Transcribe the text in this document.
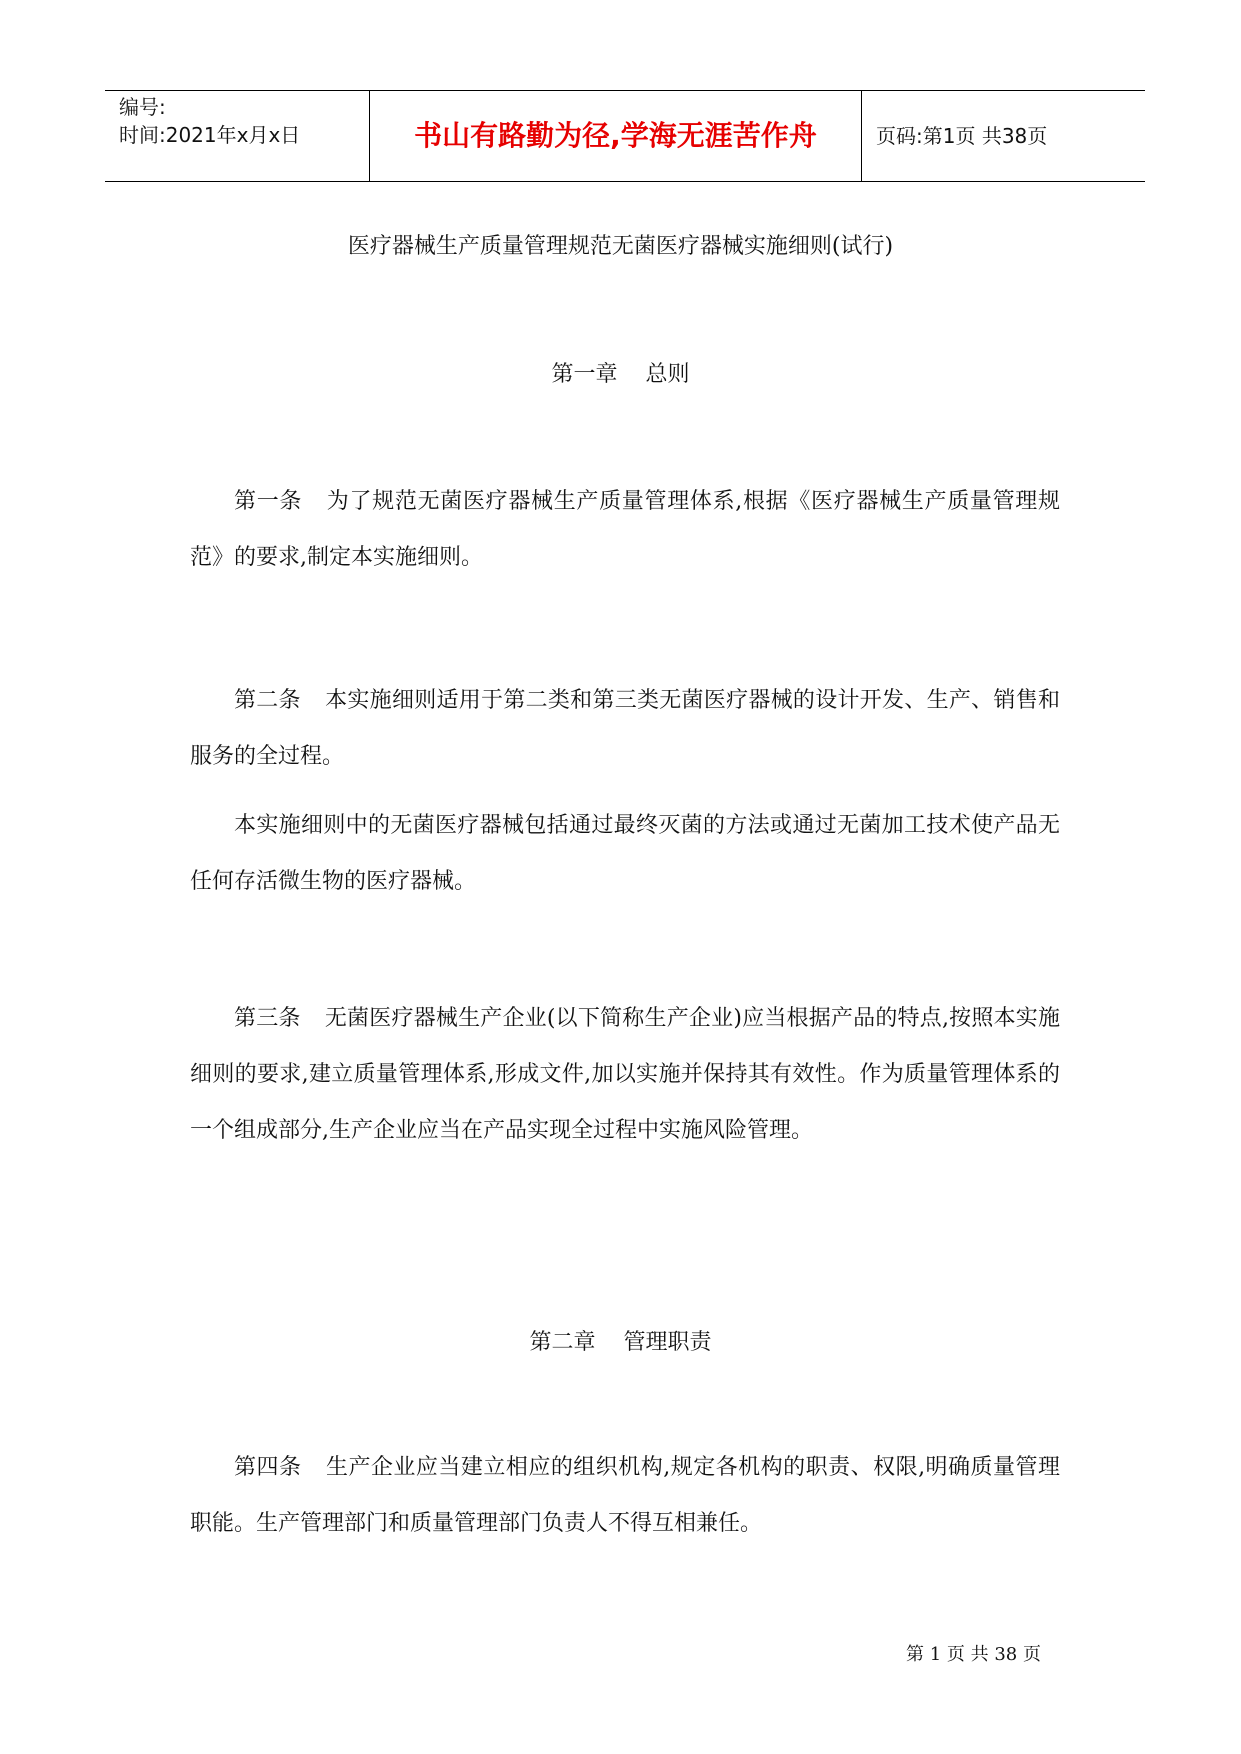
编号:
时间:2021年x月x日	书山有路勤为径,学海无涯苦作舟	页码:第1页 共38页
医疗器械生产质量管理规范无菌医疗器械实施细则(试行)
第一章 总则
第一条 为了规范无菌医疗器械生产质量管理体系,根据《医疗器械生产质量管理规范》的要求,制定本实施细则。
第二条 本实施细则适用于第二类和第三类无菌医疗器械的设计开发、生产、销售和服务的全过程。
本实施细则中的无菌医疗器械包括通过最终灭菌的方法或通过无菌加工技术使产品无任何存活微生物的医疗器械。
第三条 无菌医疗器械生产企业(以下简称生产企业)应当根据产品的特点,按照本实施细则的要求,建立质量管理体系,形成文件,加以实施并保持其有效性。作为质量管理体系的一个组成部分,生产企业应当在产品实现全过程中实施风险管理。
第二章 管理职责
第四条 生产企业应当建立相应的组织机构,规定各机构的职责、权限,明确质量管理职能。生产管理部门和质量管理部门负责人不得互相兼任。
第 1 页 共 38 页
